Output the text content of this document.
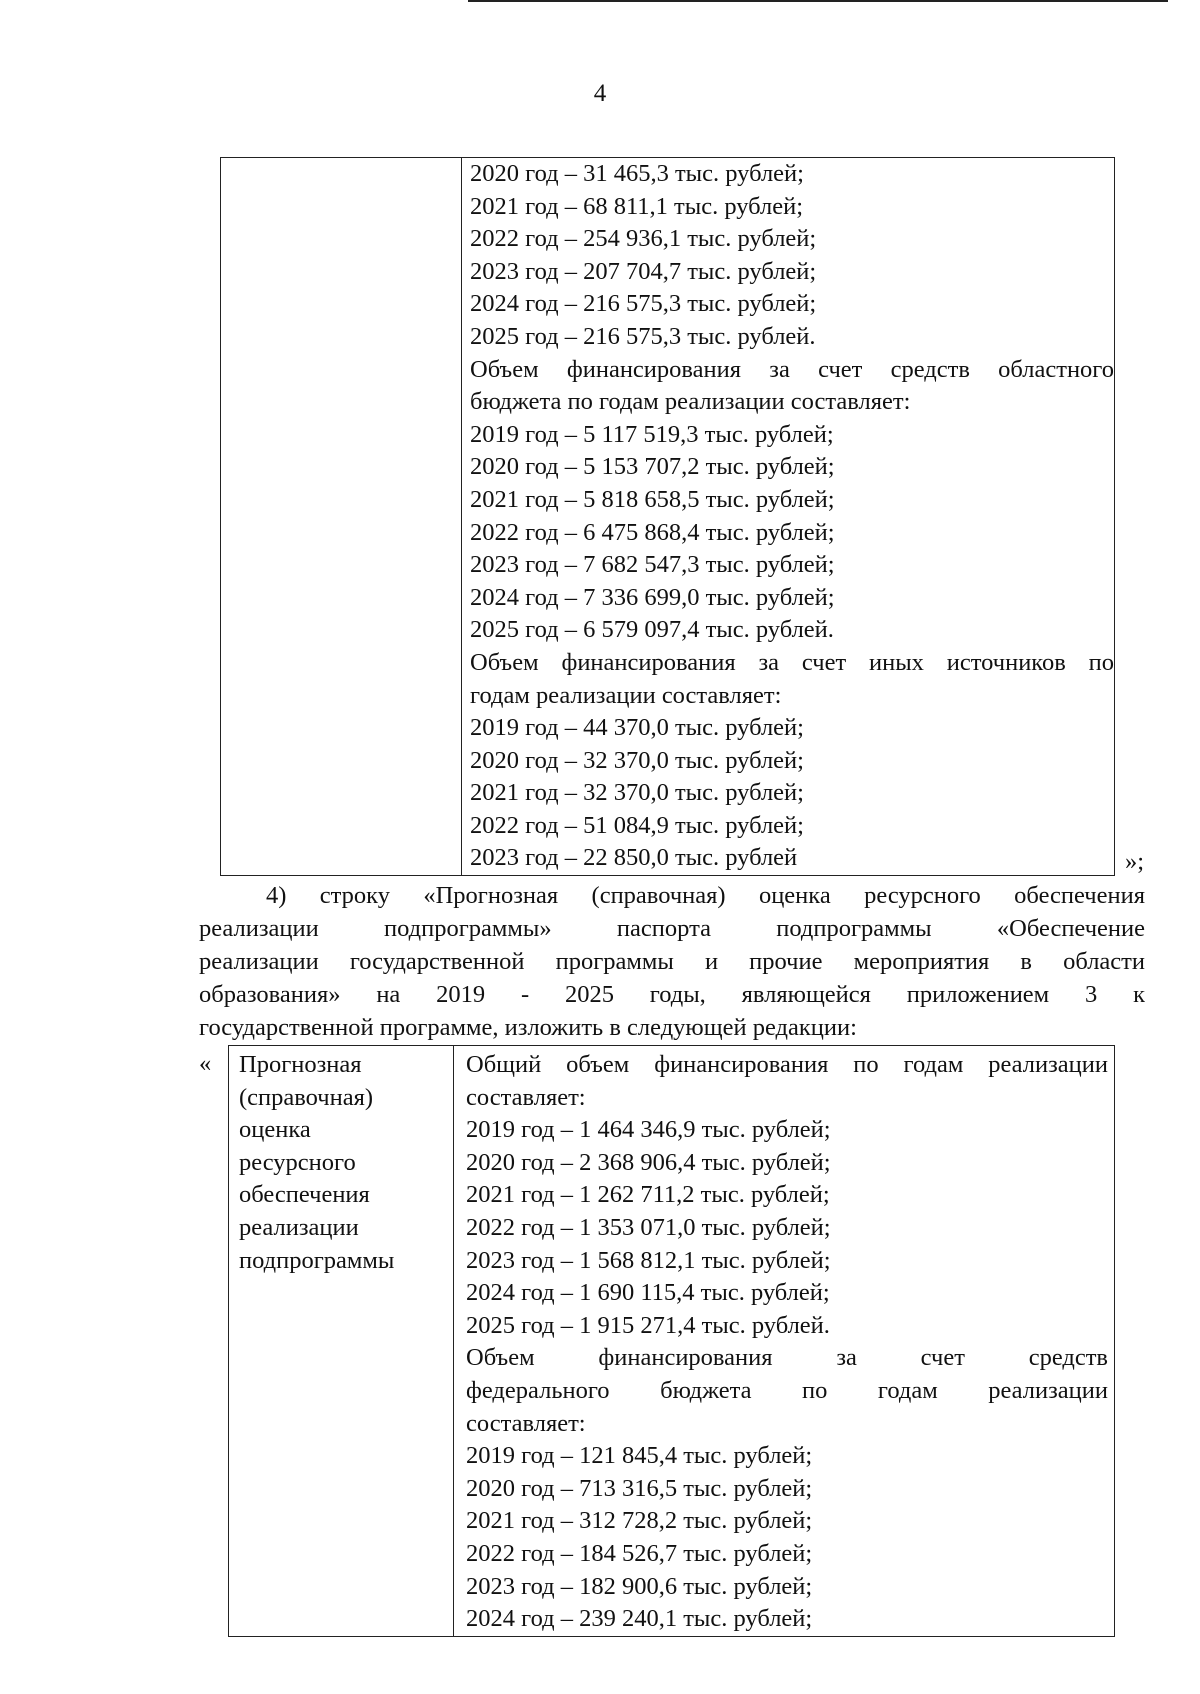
4

2020 год – 31 465,3 тыс. рублей;
2021 год – 68 811,1 тыс. рублей;
2022 год – 254 936,1 тыс. рублей;
2023 год – 207 704,7 тыс. рублей;
2024 год – 216 575,3 тыс. рублей;
2025 год – 216 575,3 тыс. рублей.
Объем финансирования за счет средств областного
бюджета по годам реализации составляет:
2019 год – 5 117 519,3 тыс. рублей;
2020 год – 5 153 707,2 тыс. рублей;
2021 год – 5 818 658,5 тыс. рублей;
2022 год – 6 475 868,4 тыс. рублей;
2023 год – 7 682 547,3 тыс. рублей;
2024 год – 7 336 699,0 тыс. рублей;
2025 год – 6 579 097,4 тыс. рублей.
Объем финансирования за счет иных источников по
годам реализации составляет:
2019 год – 44 370,0 тыс. рублей;
2020 год – 32 370,0 тыс. рублей;
2021 год – 32 370,0 тыс. рублей;
2022 год – 51 084,9 тыс. рублей;
2023 год – 22 850,0 тыс. рублей	»;
4) строку «Прогнозная (справочная) оценка ресурсного обеспечения
реализации подпрограммы» паспорта подпрограммы «Обеспечение
реализации государственной программы и прочие мероприятия в области
образования» на 2019 - 2025 годы, являющейся приложением 3 к
государственной программе, изложить в следующей редакции:
« Прогнозная
(справочная)
оценка
ресурсного
обеспечения
реализации
подпрограммы

Общий объем финансирования по годам реализации
составляет:
2019 год – 1 464 346,9 тыс. рублей;
2020 год – 2 368 906,4 тыс. рублей;
2021 год – 1 262 711,2 тыс. рублей;
2022 год – 1 353 071,0 тыс. рублей;
2023 год – 1 568 812,1 тыс. рублей;
2024 год – 1 690 115,4 тыс. рублей;
2025 год – 1 915 271,4 тыс. рублей.
Объем финансирования за счет средств
федерального бюджета по годам реализации
составляет:
2019 год – 121 845,4 тыс. рублей;
2020 год – 713 316,5 тыс. рублей;
2021 год – 312 728,2 тыс. рублей;
2022 год – 184 526,7 тыс. рублей;
2023 год – 182 900,6 тыс. рублей;
2024 год – 239 240,1 тыс. рублей;
